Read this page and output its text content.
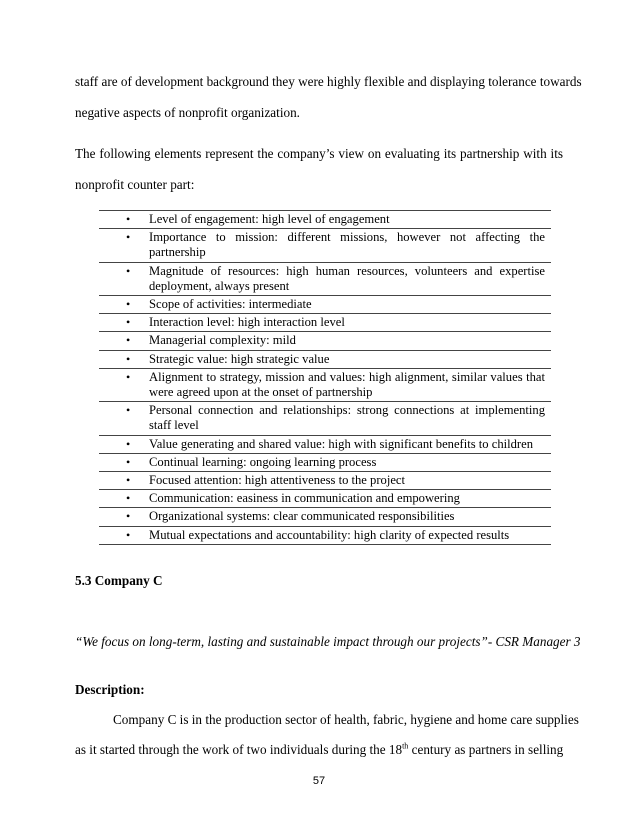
staff are of development background they were highly flexible and displaying tolerance towards
negative aspects of nonprofit organization.
The following elements represent the company’s view on evaluating its partnership with its
nonprofit counter part:
• Level of engagement: high level of engagement
• Importance to mission: different missions, however not affecting the partnership
• Magnitude of resources: high human resources, volunteers and expertise deployment, always present
• Scope of activities: intermediate
• Interaction level: high interaction level
• Managerial complexity: mild
• Strategic value: high strategic value
• Alignment to strategy, mission and values: high alignment, similar values that were agreed upon at the onset of partnership
• Personal connection and relationships: strong connections at implementing staff level
• Value generating and shared value: high with significant benefits to children
• Continual learning: ongoing learning process
• Focused attention: high attentiveness to the project
• Communication: easiness in communication and empowering
• Organizational systems: clear communicated responsibilities
• Mutual expectations and accountability: high clarity of expected results
5.3 Company C
“We focus on long-term, lasting and sustainable impact through our projects”- CSR Manager 3
Description:
Company C is in the production sector of health, fabric, hygiene and home care supplies
as it started through the work of two individuals during the 18th century as partners in selling
57
